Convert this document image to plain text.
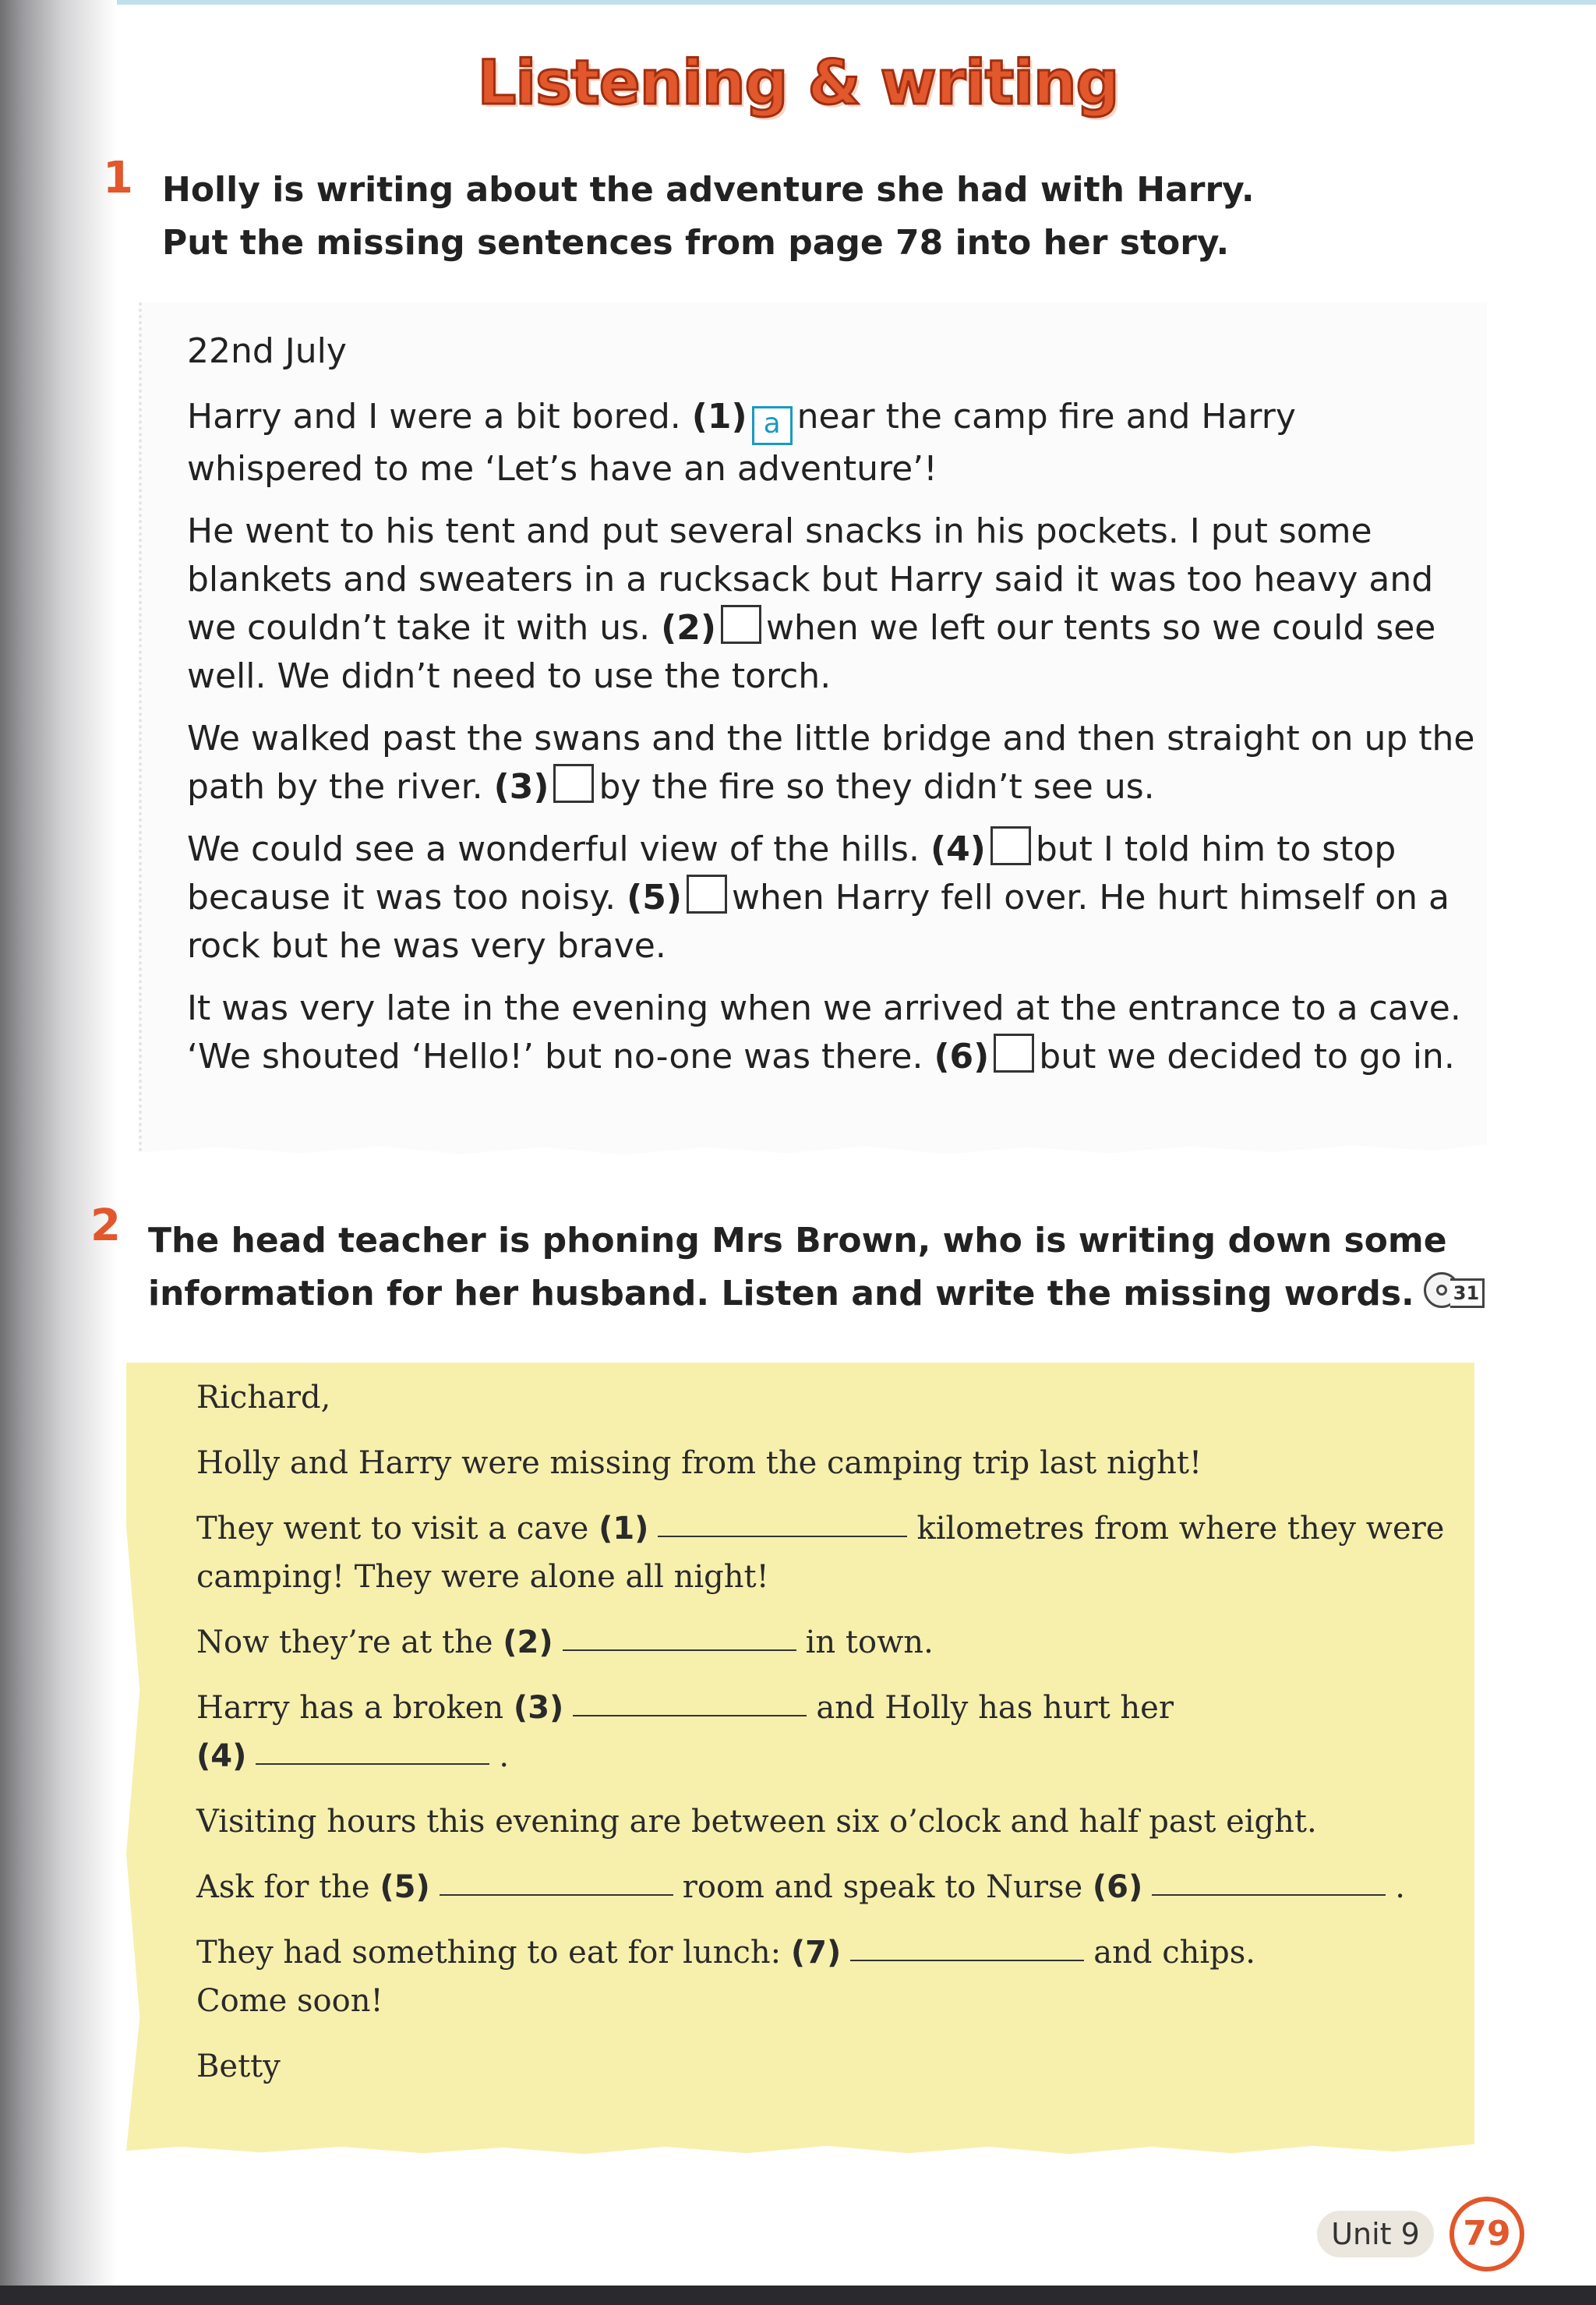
Listening & writing
1 Holly is writing about the adventure she had with Harry.
Put the missing sentences from page 78 into her story.

22nd July

Harry and I were a bit bored. (1) a near the camp fire and Harry whispered to me ‘Let’s have an adventure’!

He went to his tent and put several snacks in his pockets. I put some blankets and sweaters in a rucksack but Harry said it was too heavy and we couldn’t take it with us. (2) when we left our tents so we could see well. We didn’t need to use the torch.

We walked past the swans and the little bridge and then straight on up the path by the river. (3) by the fire so they didn’t see us.

We could see a wonderful view of the hills. (4) but I told him to stop because it was too noisy. (5) when Harry fell over. He hurt himself on a rock but he was very brave.

It was very late in the evening when we arrived at the entrance to a cave. ‘We shouted ‘Hello!’ but no-one was there. (6) but we decided to go in.

2 The head teacher is phoning Mrs Brown, who is writing down some
information for her husband. Listen and write the missing words. 31

Richard,

Holly and Harry were missing from the camping trip last night!

They went to visit a cave (1)	kilometres from where they were camping! They were alone all night!

Now they’re at the (2)	in town.

Harry has a broken (3)	and Holly has hurt her
(4)	.

Visiting hours this evening are between six o’clock and half past eight.

Ask for the (5)	room and speak to Nurse (6)	.

They had something to eat for lunch: (7)	and chips.

Come soon!

Betty

Unit 9	79
